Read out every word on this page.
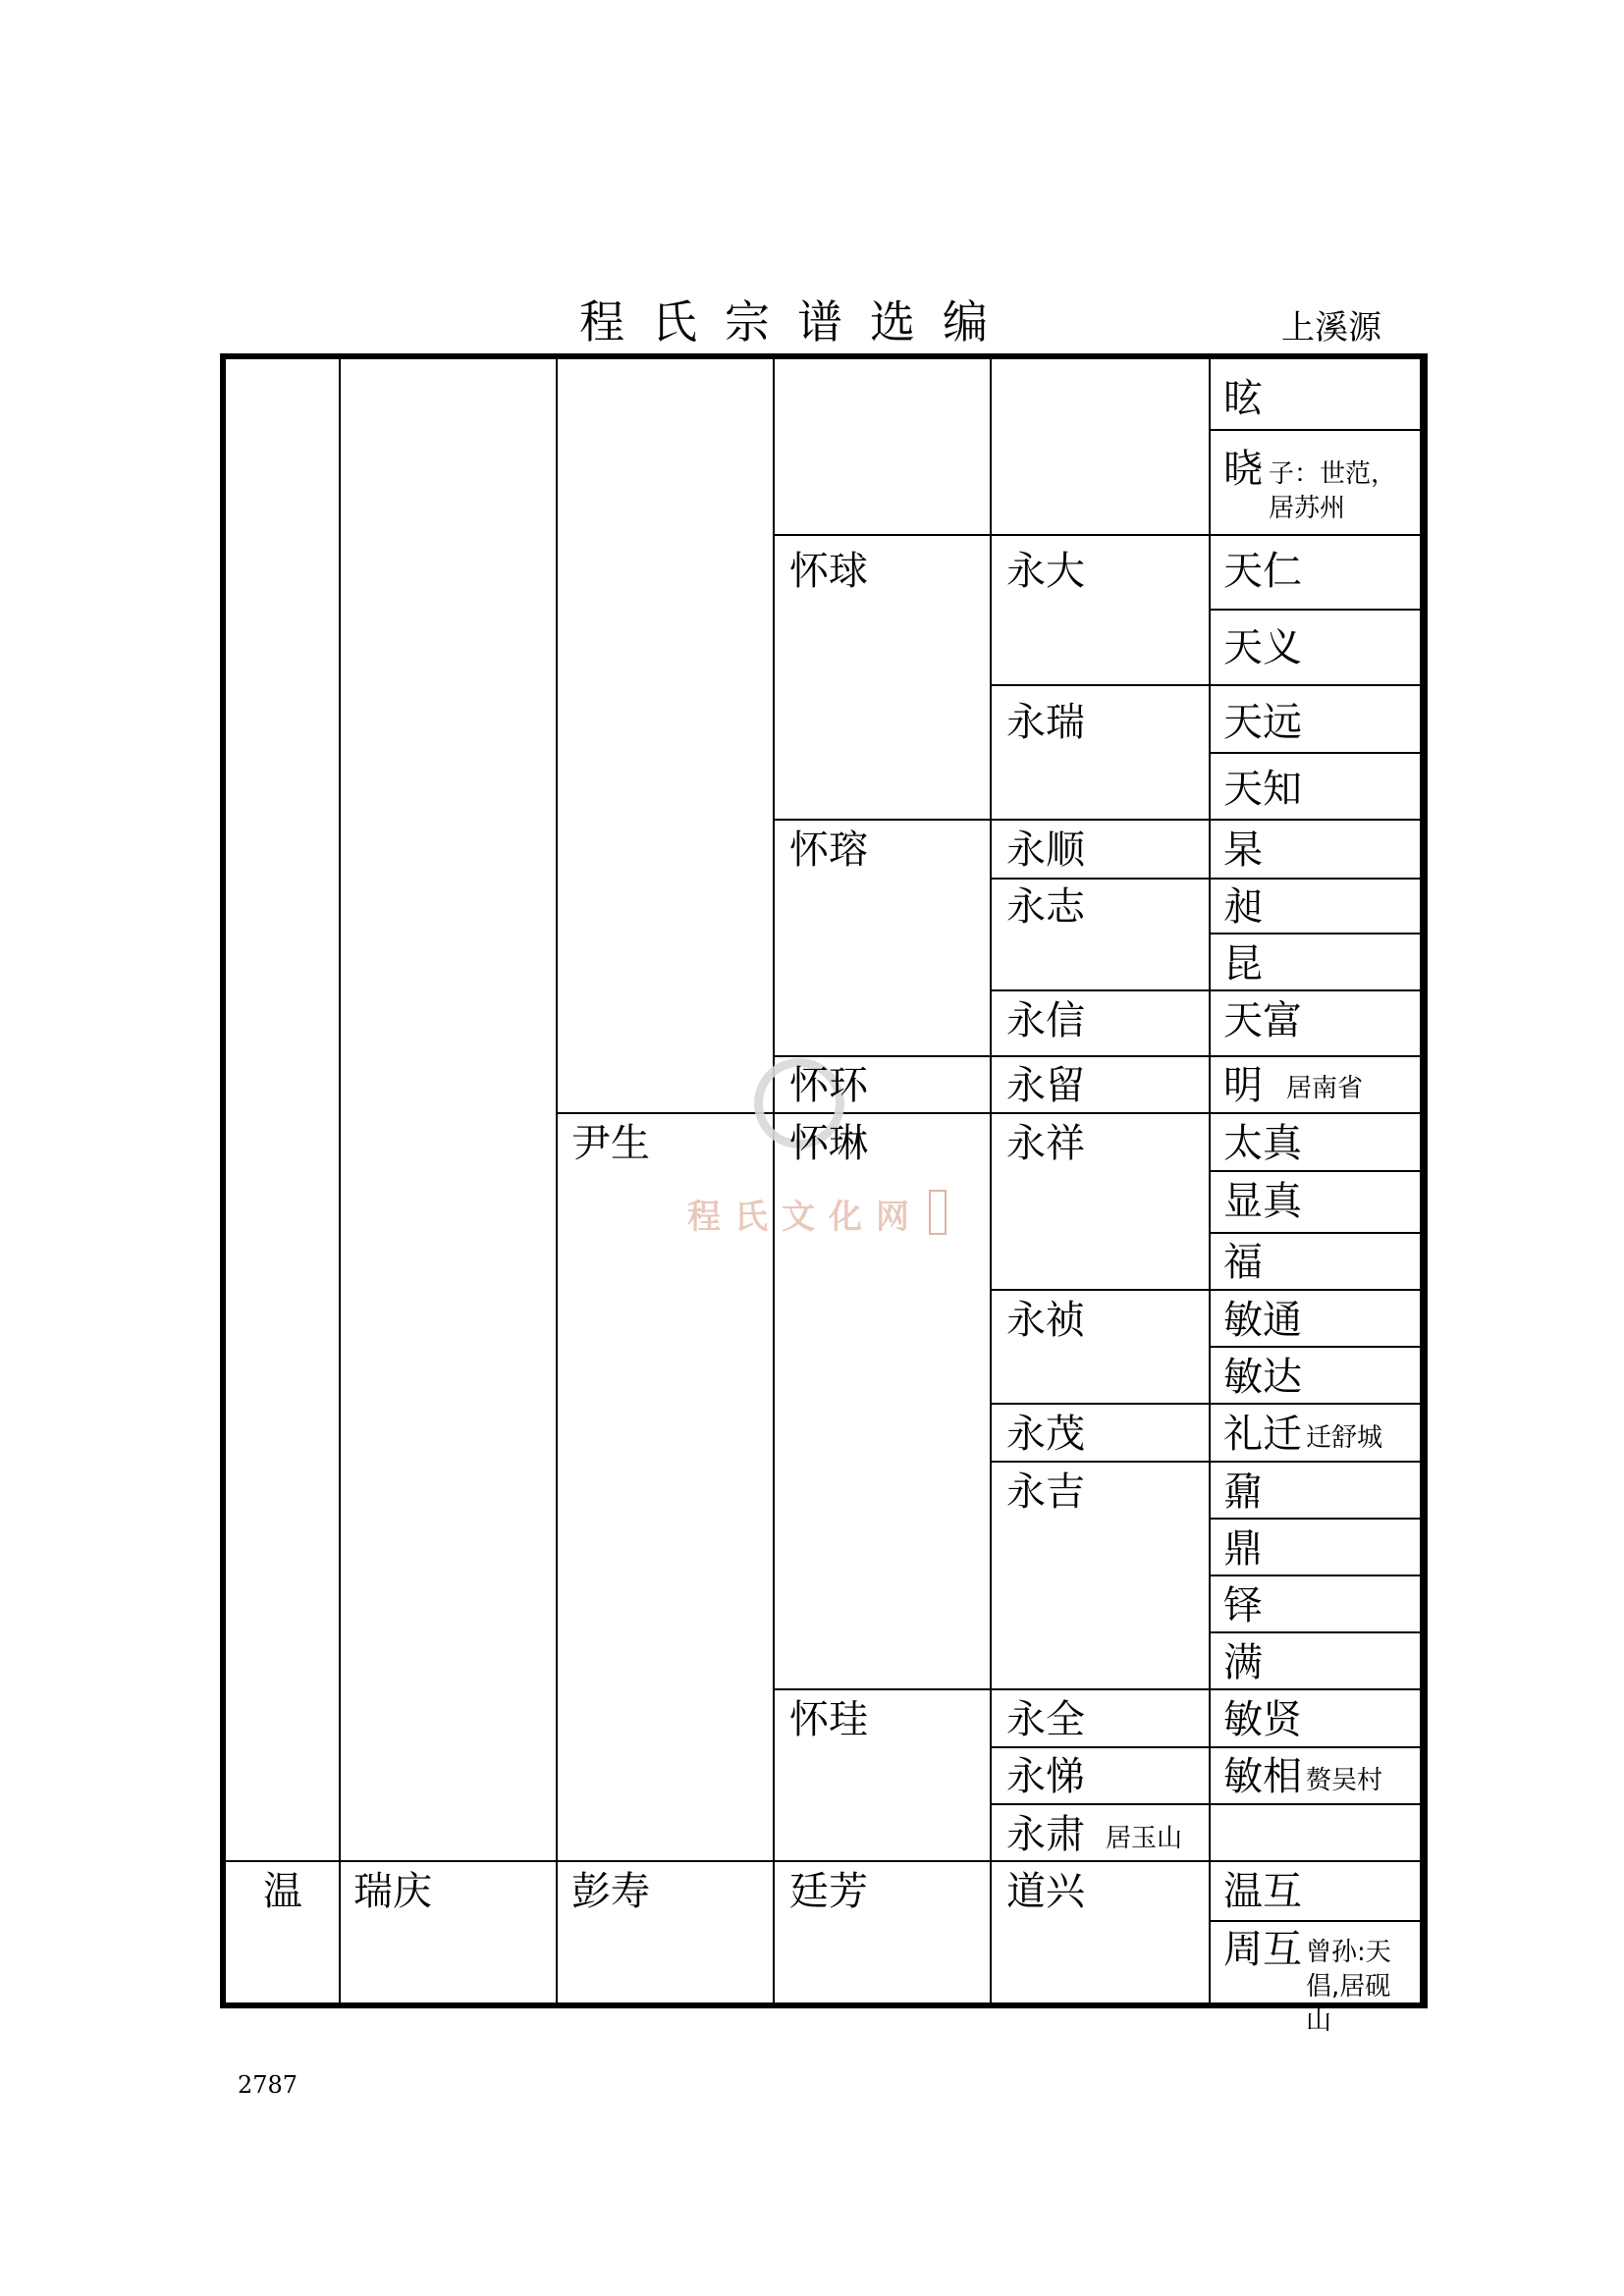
程氏宗谱选编	上溪源
程氏文化网
昡
晓 子：世范，居苏州
怀球	永大	天仁
天义
永瑞	天远
天知
怀瑢	永顺	杲
永志	昶
昆
永信	天富
怀环	永留	明 居南省
尹生	怀琳	永祥	太真
显真
福
永祯	敏通
敏达
永茂	礼迁 迁舒城
永吉	鼐
鼎
铎
满
怀珪	永全	敏贤
永悌	敏相 赘吴村
永肃 居玉山
温 瑞庆	彭寿	廷芳	道兴	温互
周互 曾孙:天倡,居砚山
2787
